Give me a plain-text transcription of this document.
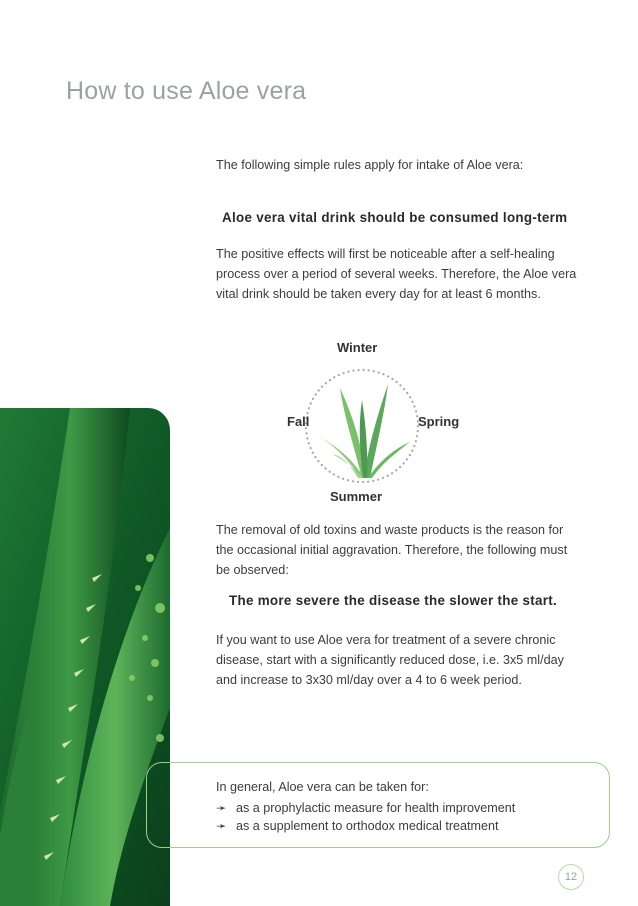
How to use Aloe vera
The following simple rules apply for intake of Aloe vera:
Aloe vera vital drink should be consumed long-term
The positive effects will first be noticeable after a self-healing
process over a period of several weeks. Therefore, the Aloe vera
vital drink should be taken every day for at least 6 months.
Winter
Fall	Spring
Summer
The removal of old toxins and waste products is the reason for
the occasional initial aggravation. Therefore, the following must
be observed:
The more severe the disease the slower the start.
If you want to use Aloe vera for treatment of a severe chronic
disease, start with a significantly reduced dose, i.e. 3x5 ml/day
and increase to 3x30 ml/day over a 4 to 6 week period.
In general, Aloe vera can be taken for:
➛ as a prophylactic measure for health improvement
➛ as a supplement to orthodox medical treatment
12
